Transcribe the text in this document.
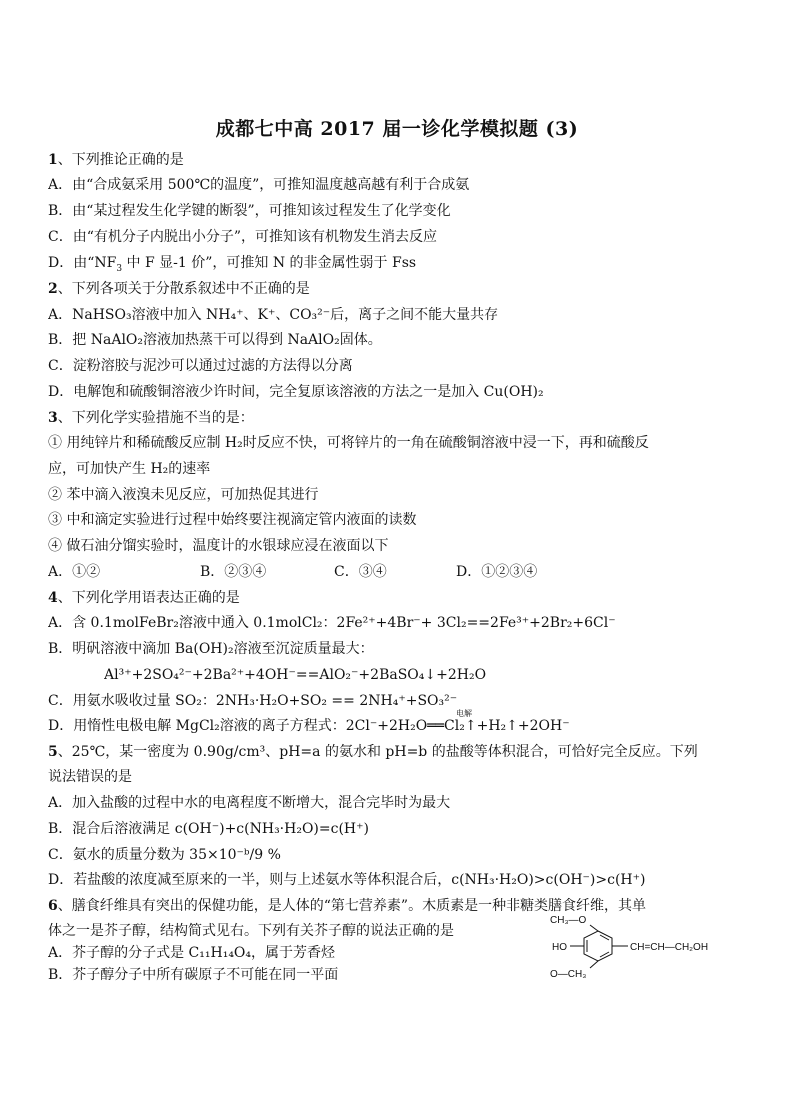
成都七中高 2017 届一诊化学模拟题 (3)
1、下列推论正确的是
A．由“合成氨采用 500℃的温度”，可推知温度越高越有利于合成氨
B．由“某过程发生化学键的断裂”，可推知该过程发生了化学变化
C．由“有机分子内脱出小分子”，可推知该有机物发生消去反应
D．由“$NF_3$ 中 F 显-1 价”，可推知 N 的非金属性弱于 Fss
2、下列各项关于分散系叙述中不正确的是
A．NaHSO₃溶液中加入 NH₄⁺、K⁺、CO₃²⁻后，离子之间不能大量共存
B．把 NaAlO₂溶液加热蒸干可以得到 NaAlO₂固体。
C．淀粉溶胶与泥沙可以通过过滤的方法得以分离
D．电解饱和硫酸铜溶液少许时间，完全复原该溶液的方法之一是加入 Cu(OH)₂
3、下列化学实验措施不当的是：
① 用纯锌片和稀硫酸反应制 H₂时反应不快，可将锌片的一角在硫酸铜溶液中浸一下，再和硫酸反
应，可加快产生 H₂的速率
② 苯中滴入液溴未见反应，可加热促其进行
③ 中和滴定实验进行过程中始终要注视滴定管内液面的读数
④ 做石油分馏实验时，温度计的水银球应浸在液面以下
A．①②	B．②③④	C．③④	D．①②③④
4、下列化学用语表达正确的是
A．含 0.1molFeBr₂溶液中通入 0.1molCl₂：2Fe²⁺+4Br⁻+ 3Cl₂==2Fe³⁺+2Br₂+6Cl⁻
B．明矾溶液中滴加 Ba(OH)₂溶液至沉淀质量最大：
Al³⁺+2SO₄²⁻+2Ba²⁺+4OH⁻==AlO₂⁻+2BaSO₄↓+2H₂O
C．用氨水吸收过量 SO₂：2NH₃·H₂O+SO₂ == 2NH₄⁺+SO₃²⁻
D．用惰性电极电解 MgCl₂溶液的离子方程式：2Cl⁻+2H₂O══Cl₂↑+H₂↑+2OH⁻
电解
5、25℃，某一密度为 0.90g/cm³、pH=a 的氨水和 pH=b 的盐酸等体积混合，可恰好完全反应。下列
说法错误的是
A．加入盐酸的过程中水的电离程度不断增大，混合完毕时为最大
B．混合后溶液满足 c(OH⁻)+c(NH₃·H₂O)=c(H⁺)
C．氨水的质量分数为 35×10⁻ᵇ/9 %
D．若盐酸的浓度减至原来的一半，则与上述氨水等体积混合后，c(NH₃·H₂O)>c(OH⁻)>c(H⁺)
6、膳食纤维具有突出的保健功能，是人体的“第七营养素”。木质素是一种非糖类膳食纤维，其单
体之一是芥子醇，结构简式见右。下列有关芥子醇的说法正确的是
A．芥子醇的分子式是 C₁₁H₁₄O₄，属于芳香烃
B．芥子醇分子中所有碳原子不可能在同一平面
CH₃—O
HO
O—CH₃
CH=CH—CH₂OH
